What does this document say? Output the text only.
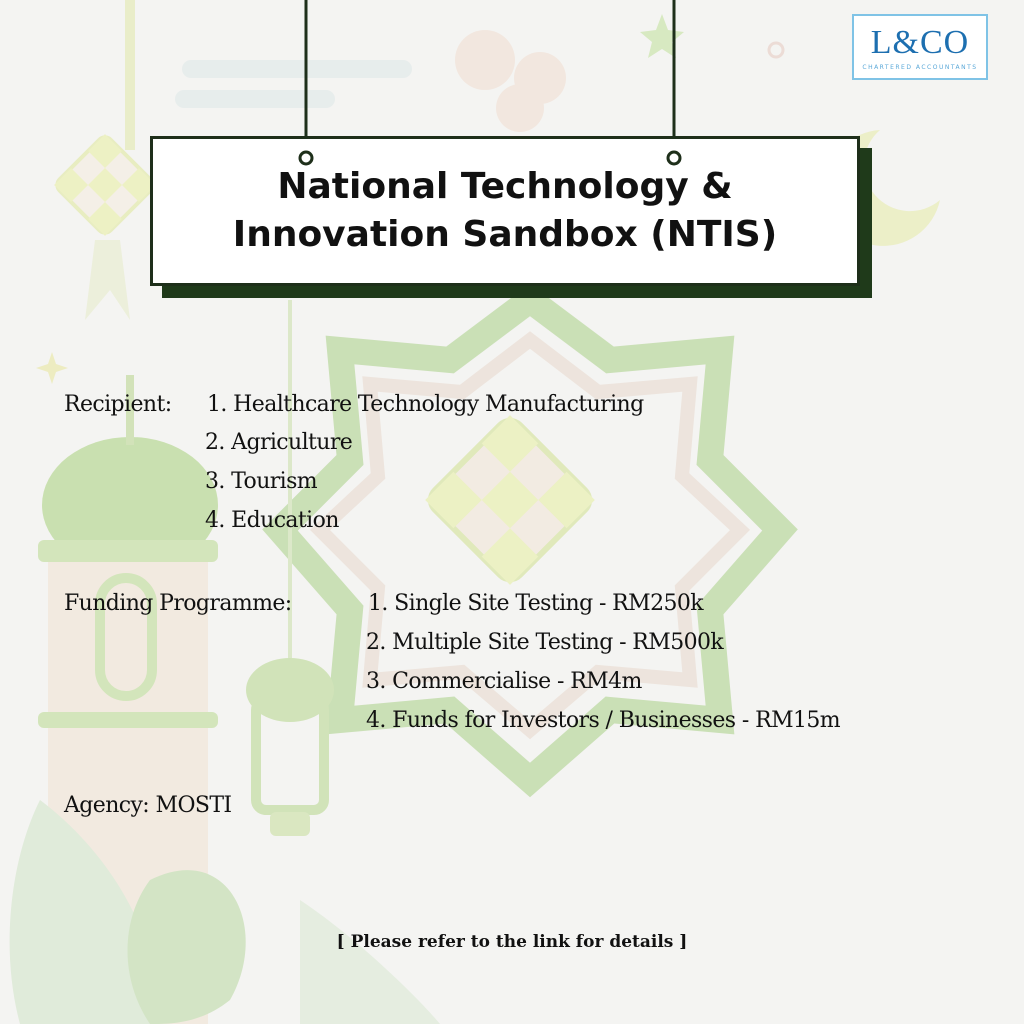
L&CO
CHARTERED ACCOUNTANTS
National Technology &
Innovation Sandbox (NTIS)
Recipient: 1. Healthcare Technology Manufacturing
2. Agriculture
3. Tourism
4. Education
Funding Programme:	1. Single Site Testing - RM250k
2. Multiple Site Testing - RM500k
3. Commercialise - RM4m
4. Funds for Investors / Businesses - RM15m
Agency: MOSTI
[ Please refer to the link for details ]
